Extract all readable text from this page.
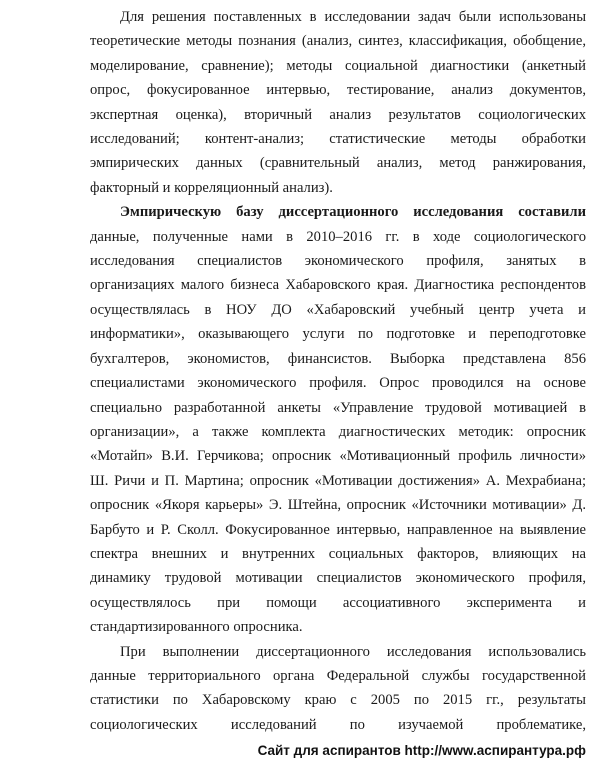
Для решения поставленных в исследовании задач были использованы
теоретические методы познания (анализ, синтез, классификация, обобщение,
моделирование, сравнение); методы социальной диагностики (анкетный
опрос, фокусированное интервью, тестирование, анализ документов,
экспертная оценка), вторичный анализ результатов социологических
исследований; контент-анализ; статистические методы обработки
эмпирических данных (сравнительный анализ, метод ранжирования,
факторный и корреляционный анализ).

Эмпирическую базу диссертационного исследования составили
данные, полученные нами в 2010–2016 гг. в ходе социологического
исследования специалистов экономического профиля, занятых в
организациях малого бизнеса Хабаровского края. Диагностика респондентов
осуществлялась в НОУ ДО «Хабаровский учебный центр учета и
информатики», оказывающего услуги по подготовке и переподготовке
бухгалтеров, экономистов, финансистов. Выборка представлена 856
специалистами экономического профиля. Опрос проводился на основе
специально разработанной анкеты «Управление трудовой мотивацией в
организации», а также комплекта диагностических методик: опросник
«Мотайп» В.И. Герчикова; опросник «Мотивационный профиль личности»
Ш. Ричи и П. Мартина; опросник «Мотивации достижения» А. Мехрабиана;
опросник «Якоря карьеры» Э. Штейна, опросник «Источники мотивации» Д.
Барбуто и Р. Сколл. Фокусированное интервью, направленное на выявление
спектра внешних и внутренних социальных факторов, влияющих на
динамику трудовой мотивации специалистов экономического профиля,
осуществлялось при помощи ассоциативного эксперимента и
стандартизированного опросника.

При выполнении диссертационного исследования использовались
данные территориального органа Федеральной службы государственной
статистики по Хабаровскому краю с 2005 по 2015 гг., результаты
социологических исследований по изучаемой проблематике,

Сайт для аспирантов http://www.аспирантура.рф
